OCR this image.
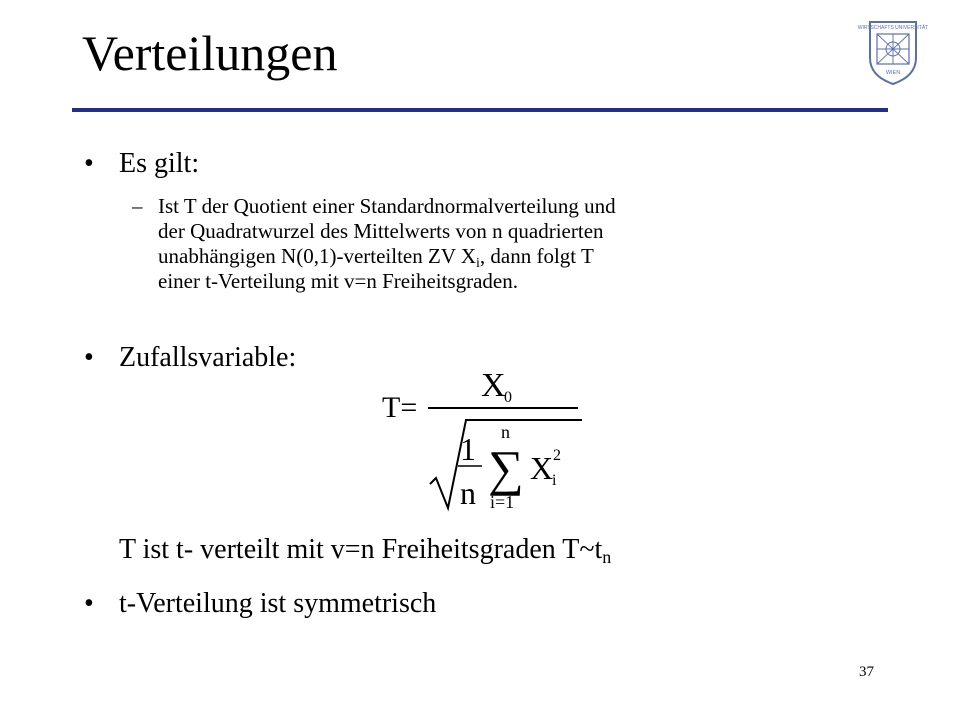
Verteilungen	WIRTSCHAFTS UNIVERSITÄT
WIEN
• Es gilt:
– Ist T der Quotient einer Standardnormalverteilung und
der Quadratwurzel des Mittelwerts von n quadrierten
unabhängigen N(0,1)-verteilten ZV $X_i$, dann folgt T
einer t-Verteilung mit v=n Freiheitsgraden.
• Zufallsvariable:
T=
X
0
1
n
n
∑
i=1
X
i
2
T ist t- verteilt mit v=n Freiheitsgraden $T\sim t_n$
• t-Verteilung ist symmetrisch
37
